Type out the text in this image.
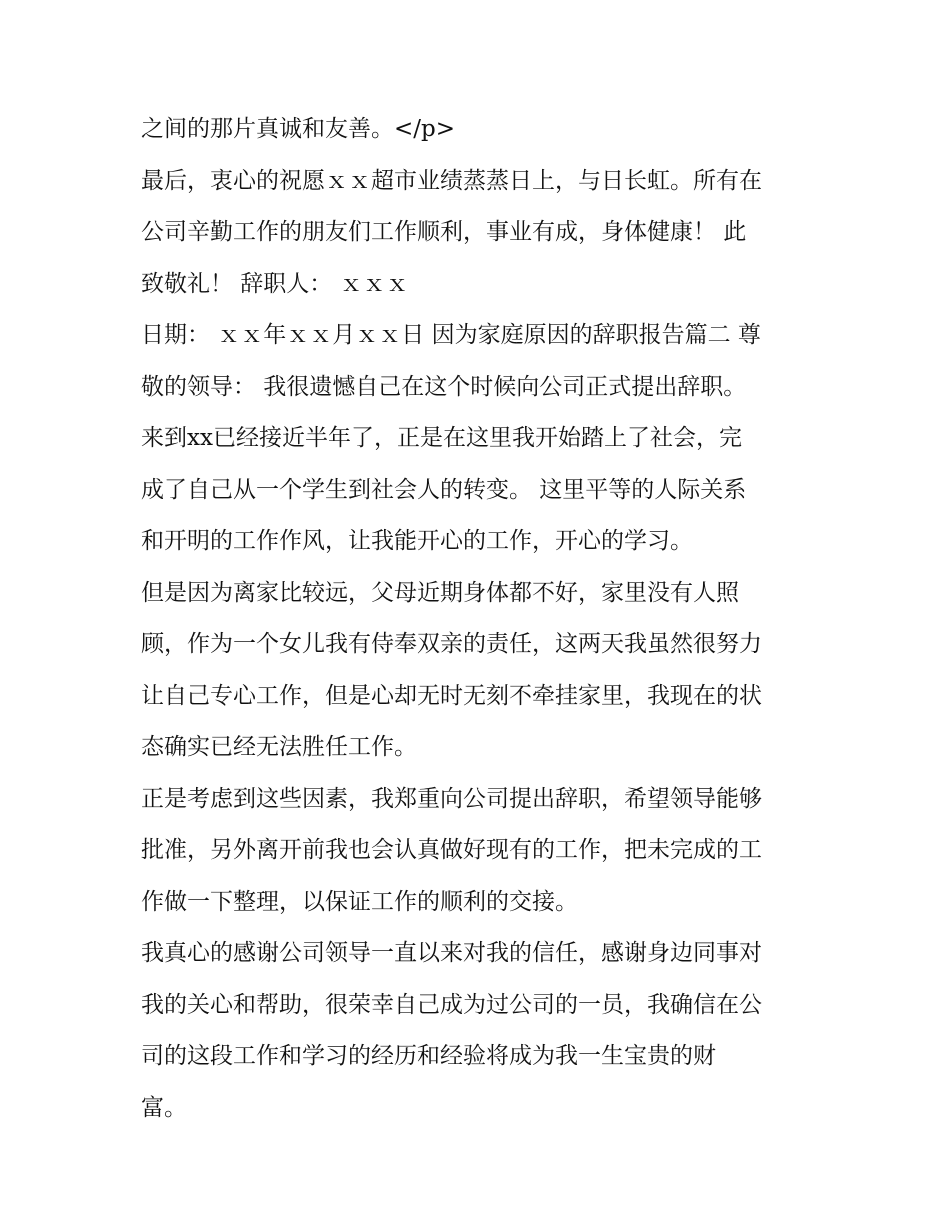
之间的那片真诚和友善。</p>
最后，衷心的祝愿ｘｘ超市业绩蒸蒸日上，与日长虹。所有在
公司辛勤工作的朋友们工作顺利，事业有成，身体健康！ 此
致敬礼！ 辞职人： ｘｘｘ
日期： ｘｘ年ｘｘ月ｘｘ日 因为家庭原因的辞职报告篇二 尊
敬的领导： 我很遗憾自己在这个时候向公司正式提出辞职。
来到xx已经接近半年了，正是在这里我开始踏上了社会，完
成了自己从一个学生到社会人的转变。 这里平等的人际关系
和开明的工作作风，让我能开心的工作，开心的学习。
但是因为离家比较远，父母近期身体都不好，家里没有人照
顾，作为一个女儿我有侍奉双亲的责任，这两天我虽然很努力
让自己专心工作，但是心却无时无刻不牵挂家里，我现在的状
态确实已经无法胜任工作。
正是考虑到这些因素，我郑重向公司提出辞职，希望领导能够
批准，另外离开前我也会认真做好现有的工作，把未完成的工
作做一下整理，以保证工作的顺利的交接。
我真心的感谢公司领导一直以来对我的信任，感谢身边同事对
我的关心和帮助，很荣幸自己成为过公司的一员，我确信在公
司的这段工作和学习的经历和经验将成为我一生宝贵的财
富。
